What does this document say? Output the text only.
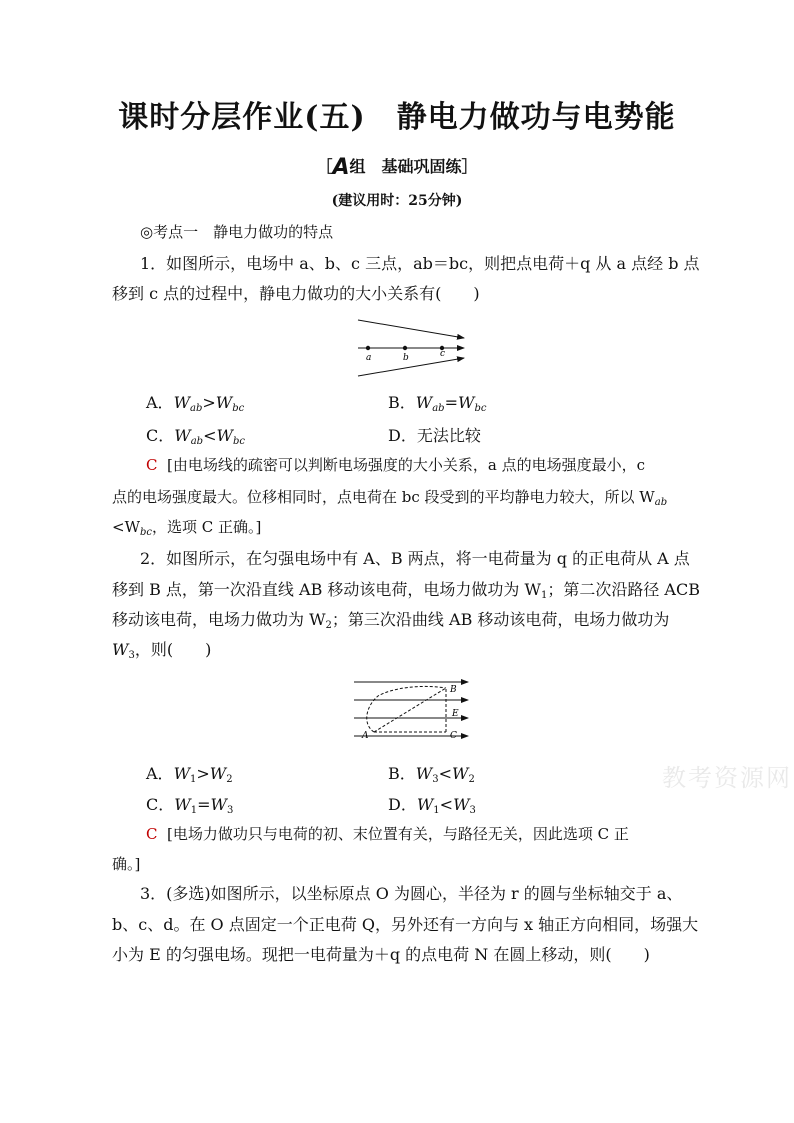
课时分层作业(五)　静电力做功与电势能
［A组　基础巩固练］
(建议用时：25分钟)
◎考点一　静电力做功的特点
1．如图所示，电场中 a、b、c 三点，ab＝bc，则把点电荷＋q 从 a 点经 b 点
移到 c 点的过程中，静电力做功的大小关系有(　　)
a	b	c
A．$W_{ab}>W_{bc}$	B．$W_{ab}=W_{bc}$
C．$W_{ab}<W_{bc}$	D．无法比较
C [由电场线的疏密可以判断电场强度的大小关系，a 点的电场强度最小，c
点的电场强度最大。位移相同时，点电荷在 bc 段受到的平均静电力较大，所以 $W_{ab}$
$<W_{bc}$，选项 C 正确。]
2．如图所示，在匀强电场中有 A、B 两点，将一电荷量为 q 的正电荷从 A 点
移到 B 点，第一次沿直线 AB 移动该电荷，电场力做功为 $W_1$；第二次沿路径 ACB
移动该电荷，电场力做功为 $W_2$；第三次沿曲线 AB 移动该电荷，电场力做功为
$W_3$，则(　　)
A
B
C
E
A．$W_1>W_2$	B．$W_3<W_2$
C．$W_1=W_3$	D．$W_1<W_3$
C [电场力做功只与电荷的初、末位置有关，与路径无关，因此选项 C 正
确。]
3．(多选)如图所示，以坐标原点 O 为圆心，半径为 r 的圆与坐标轴交于 a、
b、c、d。在 O 点固定一个正电荷 Q，另外还有一方向与 x 轴正方向相同，场强大
小为 E 的匀强电场。现把一电荷量为＋q 的点电荷 N 在圆上移动，则(　　)
教考资源网
